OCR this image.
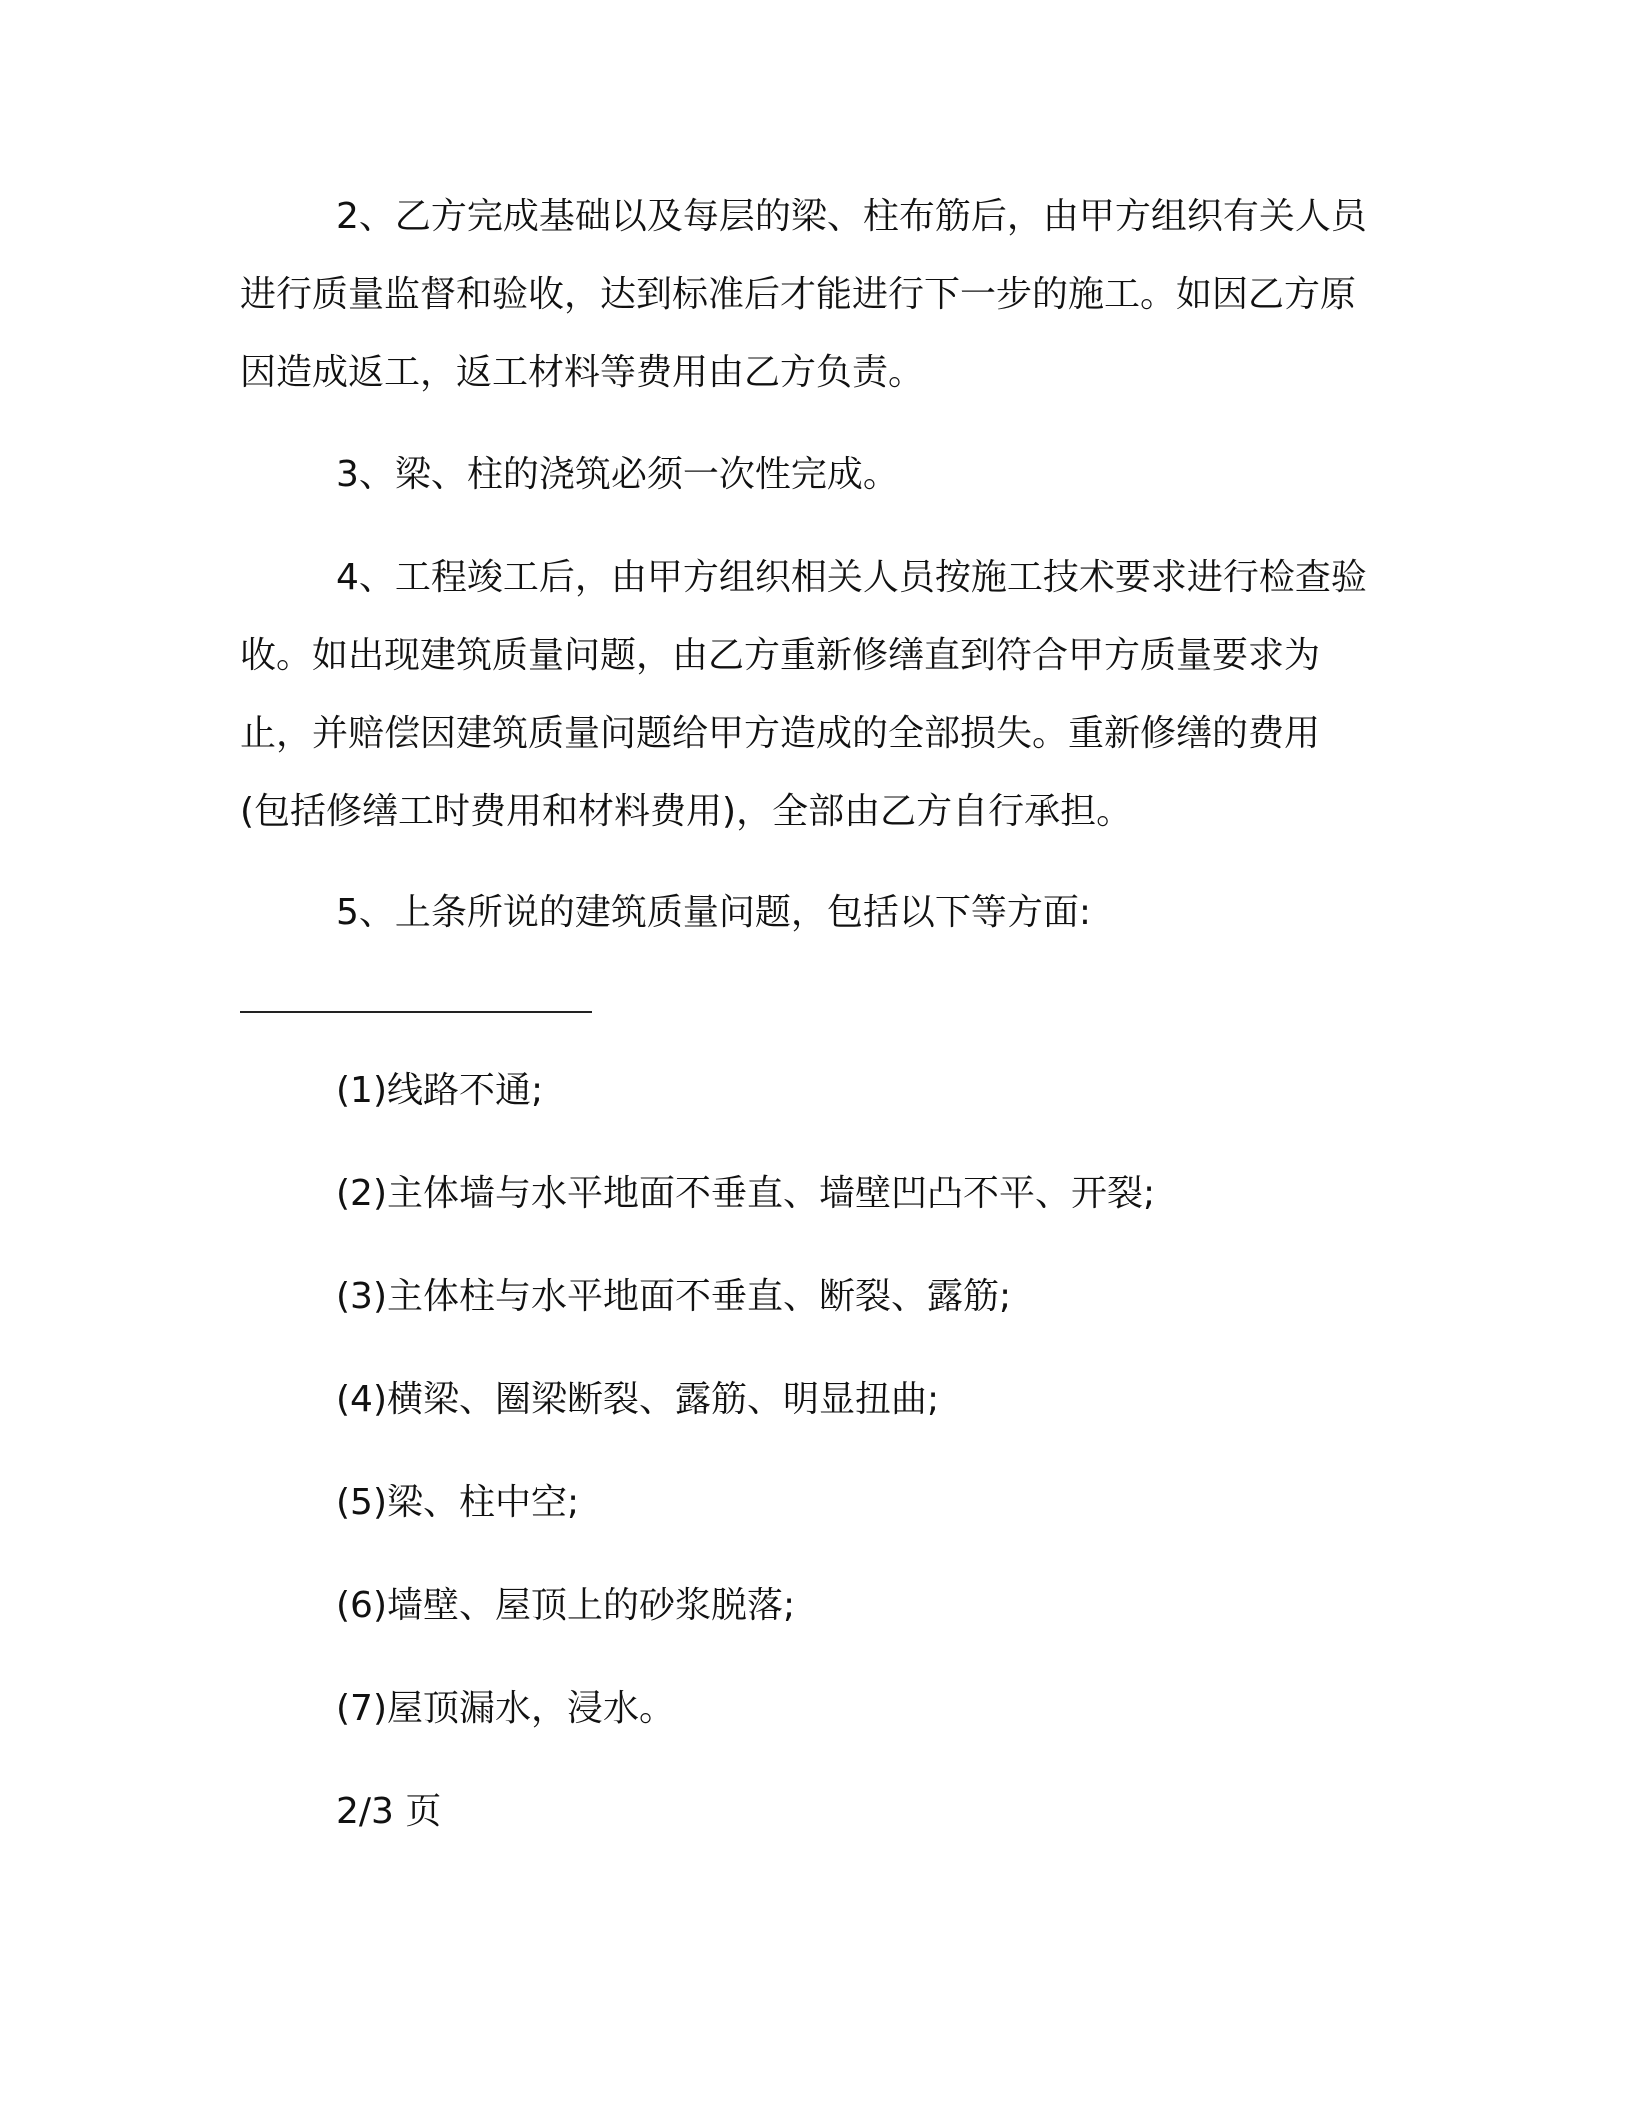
2、乙方完成基础以及每层的梁、柱布筋后，由甲方组织有关人员进行质量监督和验收，达到标准后才能进行下一步的施工。如因乙方原因造成返工，返工材料等费用由乙方负责。

3、梁、柱的浇筑必须一次性完成。

4、工程竣工后，由甲方组织相关人员按施工技术要求进行检查验收。如出现建筑质量问题，由乙方重新修缮直到符合甲方质量要求为止，并赔偿因建筑质量问题给甲方造成的全部损失。重新修缮的费用(包括修缮工时费用和材料费用)，全部由乙方自行承担。

5、上条所说的建筑质量问题，包括以下等方面:

(1)线路不通;

(2)主体墙与水平地面不垂直、墙壁凹凸不平、开裂;

(3)主体柱与水平地面不垂直、断裂、露筋;

(4)横梁、圈梁断裂、露筋、明显扭曲;

(5)梁、柱中空;

(6)墙壁、屋顶上的砂浆脱落;

(7)屋顶漏水，浸水。

2/3 页
